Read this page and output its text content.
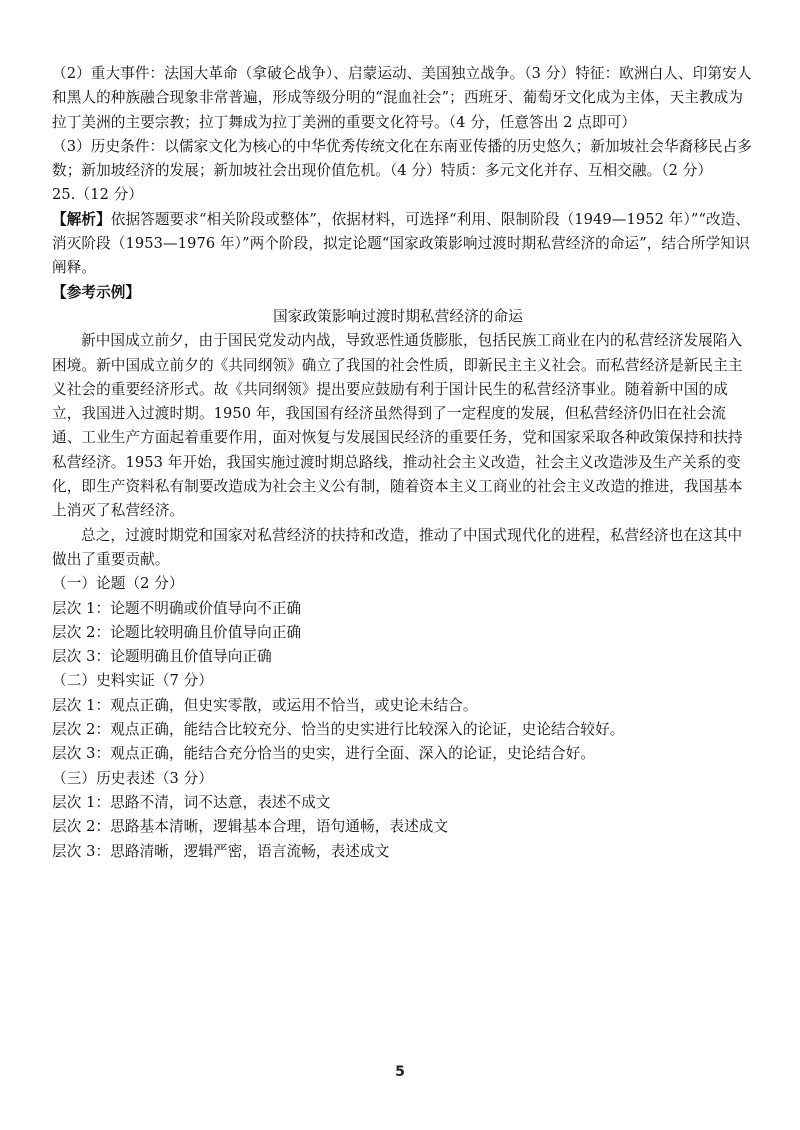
（2）重大事件：法国大革命（拿破仑战争）、启蒙运动、美国独立战争。（3 分）特征：欧洲白人、印第安人和黑人的种族融合现象非常普遍，形成等级分明的“混血社会”；西班牙、葡萄牙文化成为主体，天主教成为拉丁美洲的主要宗教；拉丁舞成为拉丁美洲的重要文化符号。（4 分，任意答出 2 点即可）

（3）历史条件：以儒家文化为核心的中华优秀传统文化在东南亚传播的历史悠久；新加坡社会华裔移民占多数；新加坡经济的发展；新加坡社会出现价值危机。（4 分）特质：多元文化并存、互相交融。（2 分）

25.（12 分）

【解析】依据答题要求“相关阶段或整体”，依据材料，可选择“利用、限制阶段（1949—1952 年）”“改造、消灭阶段（1953—1976 年）”两个阶段，拟定论题“国家政策影响过渡时期私营经济的命运”，结合所学知识阐释。

【参考示例】

国家政策影响过渡时期私营经济的命运

新中国成立前夕，由于国民党发动内战，导致恶性通货膨胀，包括民族工商业在内的私营经济发展陷入困境。新中国成立前夕的《共同纲领》确立了我国的社会性质，即新民主主义社会。而私营经济是新民主主义社会的重要经济形式。故《共同纲领》提出要应鼓励有利于国计民生的私营经济事业。随着新中国的成立，我国进入过渡时期。1950 年，我国国有经济虽然得到了一定程度的发展，但私营经济仍旧在社会流通、工业生产方面起着重要作用，面对恢复与发展国民经济的重要任务，党和国家采取各种政策保持和扶持私营经济。1953 年开始，我国实施过渡时期总路线，推动社会主义改造，社会主义改造涉及生产关系的变化，即生产资料私有制要改造成为社会主义公有制，随着资本主义工商业的社会主义改造的推进，我国基本上消灭了私营经济。

总之，过渡时期党和国家对私营经济的扶持和改造，推动了中国式现代化的进程，私营经济也在这其中做出了重要贡献。

（一）论题（2 分）

层次 1：论题不明确或价值导向不正确

层次 2：论题比较明确且价值导向正确

层次 3：论题明确且价值导向正确

（二）史料实证（7 分）

层次 1：观点正确，但史实零散，或运用不恰当，或史论未结合。

层次 2：观点正确，能结合比较充分、恰当的史实进行比较深入的论证，史论结合较好。

层次 3：观点正确，能结合充分恰当的史实，进行全面、深入的论证，史论结合好。

（三）历史表述（3 分）

层次 1：思路不清，词不达意，表述不成文

层次 2：思路基本清晰，逻辑基本合理，语句通畅，表述成文

层次 3：思路清晰，逻辑严密，语言流畅，表述成文

5
